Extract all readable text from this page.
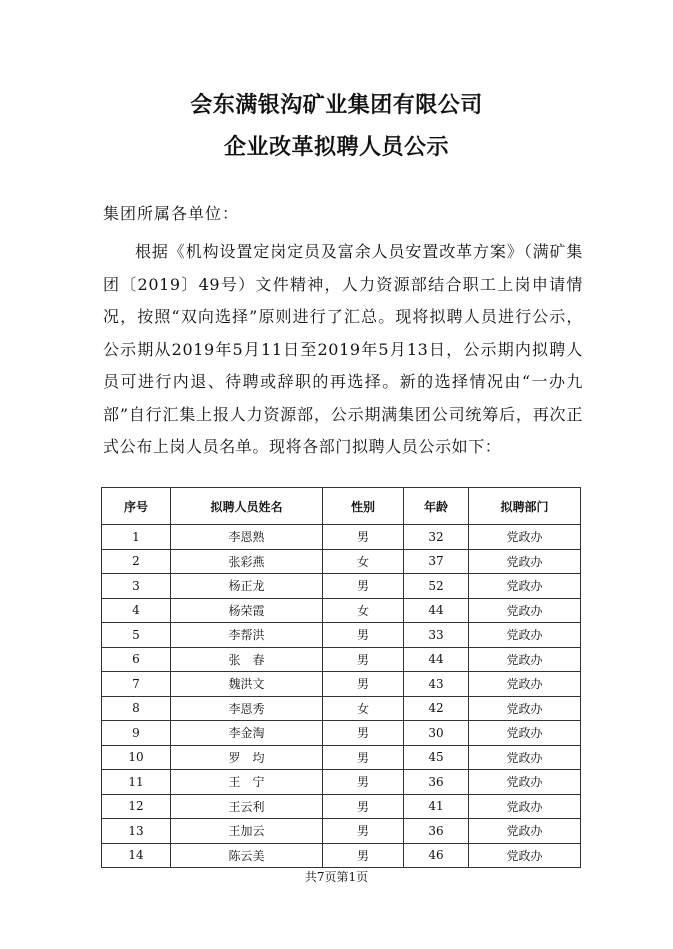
会东满银沟矿业集团有限公司
企业改革拟聘人员公示
集团所属各单位：

根据《机构设置定岗定员及富余人员安置改革方案》（满矿集团〔2019〕49号）文件精神，人力资源部结合职工上岗申请情况，按照“双向选择”原则进行了汇总。现将拟聘人员进行公示，公示期从2019年5月11日至2019年5月13日，公示期内拟聘人员可进行内退、待聘或辞职的再选择。新的选择情况由“一办九部”自行汇集上报人力资源部，公示期满集团公司统筹后，再次正式公布上岗人员名单。现将各部门拟聘人员公示如下：

序号	拟聘人员姓名	性别	年龄	拟聘部门
1	李恩熟	男	32	党政办
2	张彩燕	女	37	党政办
3	杨正龙	男	52	党政办
4	杨荣霞	女	44	党政办
5	李帮洪	男	33	党政办
6	张　春	男	44	党政办
7	魏洪文	男	43	党政办
8	李恩秀	女	42	党政办
9	李金淘	男	30	党政办
10	罗　均	男	45	党政办
11	王　宁	男	36	党政办
12	王云利	男	41	党政办
13	王加云	男	36	党政办
14	陈云美	男	46	党政办
共7页第1页
